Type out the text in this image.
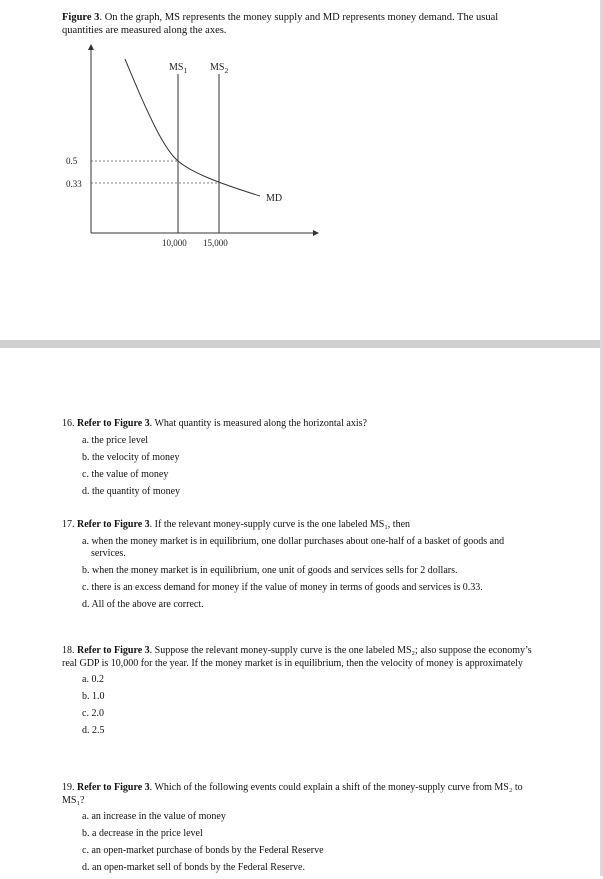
Figure 3. On the graph, MS represents the money supply and MD represents money demand. The usual quantities are measured along the axes.
$MS_1$ $MS_2$
MD
0.5
0.33
10,000 15,000
16. Refer to Figure 3. What quantity is measured along the horizontal axis?
a. the price level
b. the velocity of money
c. the value of money
d. the quantity of money
17. Refer to Figure 3. If the relevant money-supply curve is the one labeled MS₁, then
a. when the money market is in equilibrium, one dollar purchases about one-half of a basket of goods and services.
b. when the money market is in equilibrium, one unit of goods and services sells for 2 dollars.
c. there is an excess demand for money if the value of money in terms of goods and services is 0.33.
d. All of the above are correct.
18. Refer to Figure 3. Suppose the relevant money-supply curve is the one labeled MS₂; also suppose the economy’s real GDP is 10,000 for the year. If the money market is in equilibrium, then the velocity of money is approximately
a. 0.2
b. 1.0
c. 2.0
d. 2.5
19. Refer to Figure 3. Which of the following events could explain a shift of the money-supply curve from MS₂ to MS₁?
a. an increase in the value of money
b. a decrease in the price level
c. an open-market purchase of bonds by the Federal Reserve
d. an open-market sell of bonds by the Federal Reserve.
